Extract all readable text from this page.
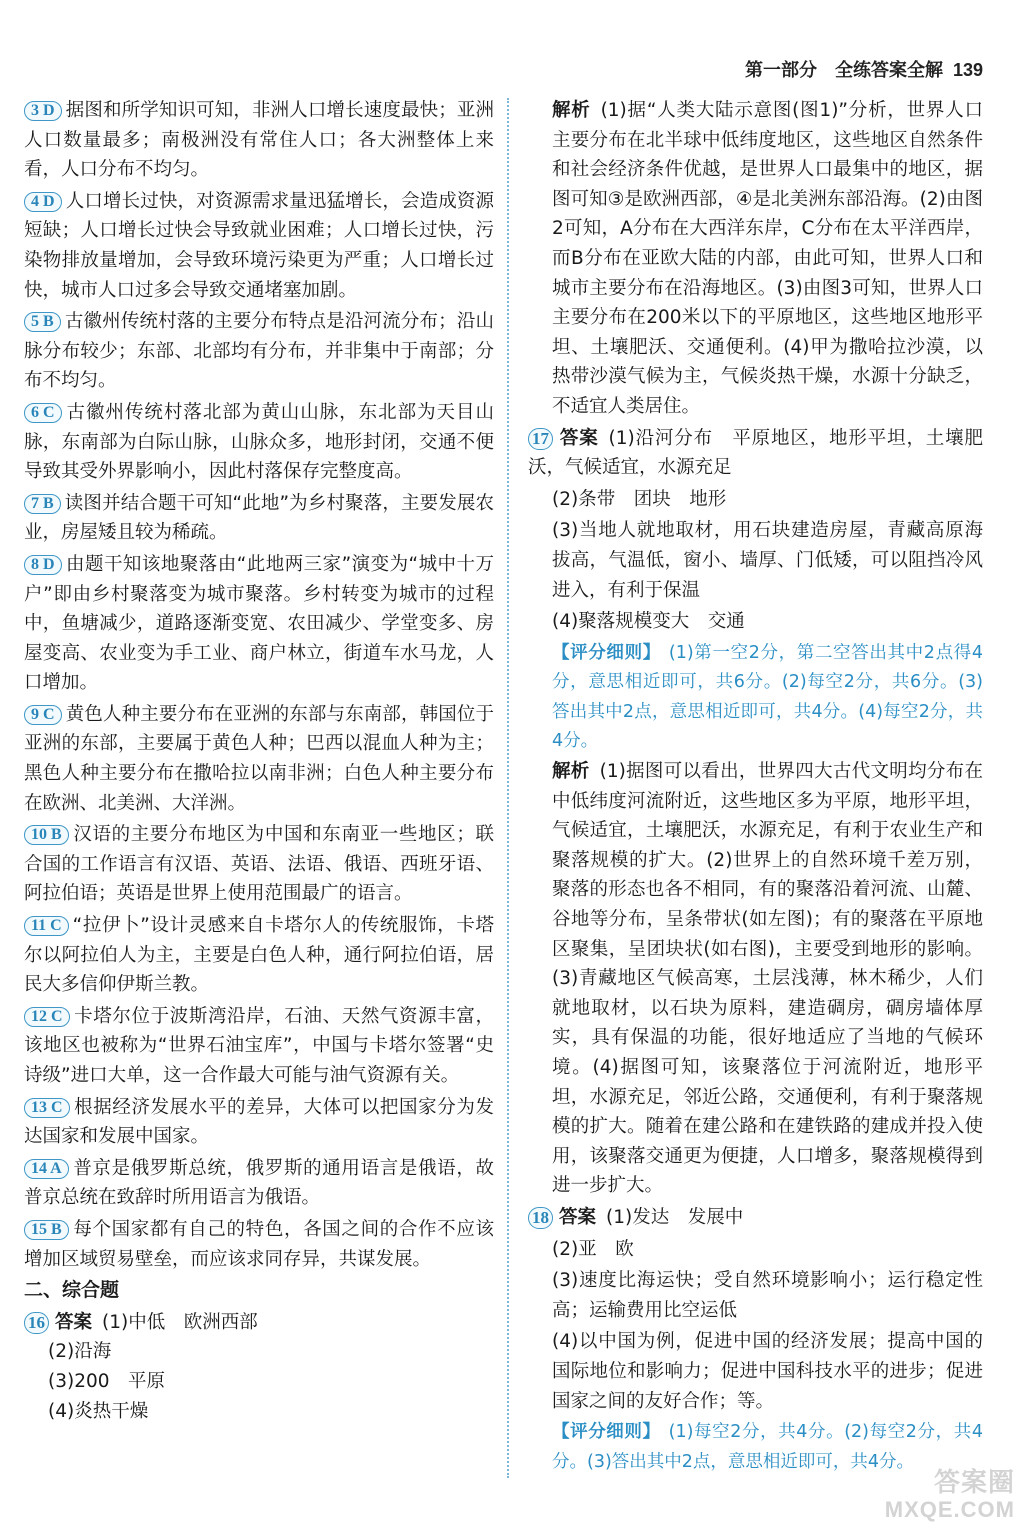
第一部分　全练答案全解 139
3 D 据图和所学知识可知，非洲人口增长速度最快；亚洲人口数量最多；南极洲没有常住人口；各大洲整体上来看，人口分布不均匀。
4 D 人口增长过快，对资源需求量迅猛增长，会造成资源短缺；人口增长过快会导致就业困难；人口增长过快，污染物排放量增加，会导致环境污染更为严重；人口增长过快，城市人口过多会导致交通堵塞加剧。
5 B 古徽州传统村落的主要分布特点是沿河流分布；沿山脉分布较少；东部、北部均有分布，并非集中于南部；分布不均匀。
6 C 古徽州传统村落北部为黄山山脉，东北部为天目山脉，东南部为白际山脉，山脉众多，地形封闭，交通不便导致其受外界影响小，因此村落保存完整度高。
7 B 读图并结合题干可知“此地”为乡村聚落，主要发展农业，房屋矮且较为稀疏。
8 D 由题干知该地聚落由“此地两三家”演变为“城中十万户”即由乡村聚落变为城市聚落。乡村转变为城市的过程中，鱼塘减少，道路逐渐变宽、农田减少、学堂变多、房屋变高、农业变为手工业、商户林立，街道车水马龙，人口增加。
9 C 黄色人种主要分布在亚洲的东部与东南部，韩国位于亚洲的东部，主要属于黄色人种；巴西以混血人种为主；黑色人种主要分布在撒哈拉以南非洲；白色人种主要分布在欧洲、北美洲、大洋洲。
10 B 汉语的主要分布地区为中国和东南亚一些地区；联合国的工作语言有汉语、英语、法语、俄语、西班牙语、阿拉伯语；英语是世界上使用范围最广的语言。
11 C “拉伊卜”设计灵感来自卡塔尔人的传统服饰，卡塔尔以阿拉伯人为主，主要是白色人种，通行阿拉伯语，居民大多信仰伊斯兰教。
12 C 卡塔尔位于波斯湾沿岸，石油、天然气资源丰富，该地区也被称为“世界石油宝库”，中国与卡塔尔签署“史诗级”进口大单，这一合作最大可能与油气资源有关。
13 C 根据经济发展水平的差异，大体可以把国家分为发达国家和发展中国家。
14 A 普京是俄罗斯总统，俄罗斯的通用语言是俄语，故普京总统在致辞时所用语言为俄语。
15 B 每个国家都有自己的特色，各国之间的合作不应该增加区域贸易壁垒，而应该求同存异，共谋发展。
二、综合题
16 答案 (1)中低　欧洲西部
(2)沿海
(3)200　平原
(4)炎热干燥
解析 (1)据“人类大陆示意图(图1)”分析，世界人口主要分布在北半球中低纬度地区，这些地区自然条件和社会经济条件优越，是世界人口最集中的地区，据图可知③是欧洲西部，④是北美洲东部沿海。(2)由图2可知，A分布在大西洋东岸，C分布在太平洋西岸，而B分布在亚欧大陆的内部，由此可知，世界人口和城市主要分布在沿海地区。(3)由图3可知，世界人口主要分布在200米以下的平原地区，这些地区地形平坦、土壤肥沃、交通便利。(4)甲为撒哈拉沙漠，以热带沙漠气候为主，气候炎热干燥，水源十分缺乏，不适宜人类居住。
17 答案 (1)沿河分布　平原地区，地形平坦，土壤肥沃，气候适宜，水源充足
(2)条带　团块　地形
(3)当地人就地取材，用石块建造房屋，青藏高原海拔高，气温低，窗小、墙厚、门低矮，可以阻挡冷风进入，有利于保温
(4)聚落规模变大　交通
【评分细则】 (1)第一空2分，第二空答出其中2点得4分，意思相近即可，共6分。(2)每空2分，共6分。(3)答出其中2点，意思相近即可，共4分。(4)每空2分，共4分。
解析 (1)据图可以看出，世界四大古代文明均分布在中低纬度河流附近，这些地区多为平原，地形平坦，气候适宜，土壤肥沃，水源充足，有利于农业生产和聚落规模的扩大。(2)世界上的自然环境千差万别，聚落的形态也各不相同，有的聚落沿着河流、山麓、谷地等分布，呈条带状(如左图)；有的聚落在平原地区聚集，呈团块状(如右图)，主要受到地形的影响。(3)青藏地区气候高寒，土层浅薄，林木稀少，人们就地取材，以石块为原料，建造碉房，碉房墙体厚实，具有保温的功能，很好地适应了当地的气候环境。(4)据图可知，该聚落位于河流附近，地形平坦，水源充足，邻近公路，交通便利，有利于聚落规模的扩大。随着在建公路和在建铁路的建成并投入使用，该聚落交通更为便捷，人口增多，聚落规模得到进一步扩大。
18 答案 (1)发达　发展中
(2)亚　欧
(3)速度比海运快；受自然环境影响小；运行稳定性高；运输费用比空运低
(4)以中国为例，促进中国的经济发展；提高中国的国际地位和影响力；促进中国科技水平的进步；促进国家之间的友好合作；等。
【评分细则】 (1)每空2分，共4分。(2)每空2分，共4分。(3)答出其中2点，意思相近即可，共4分。
答案圈
MXQE.COM
